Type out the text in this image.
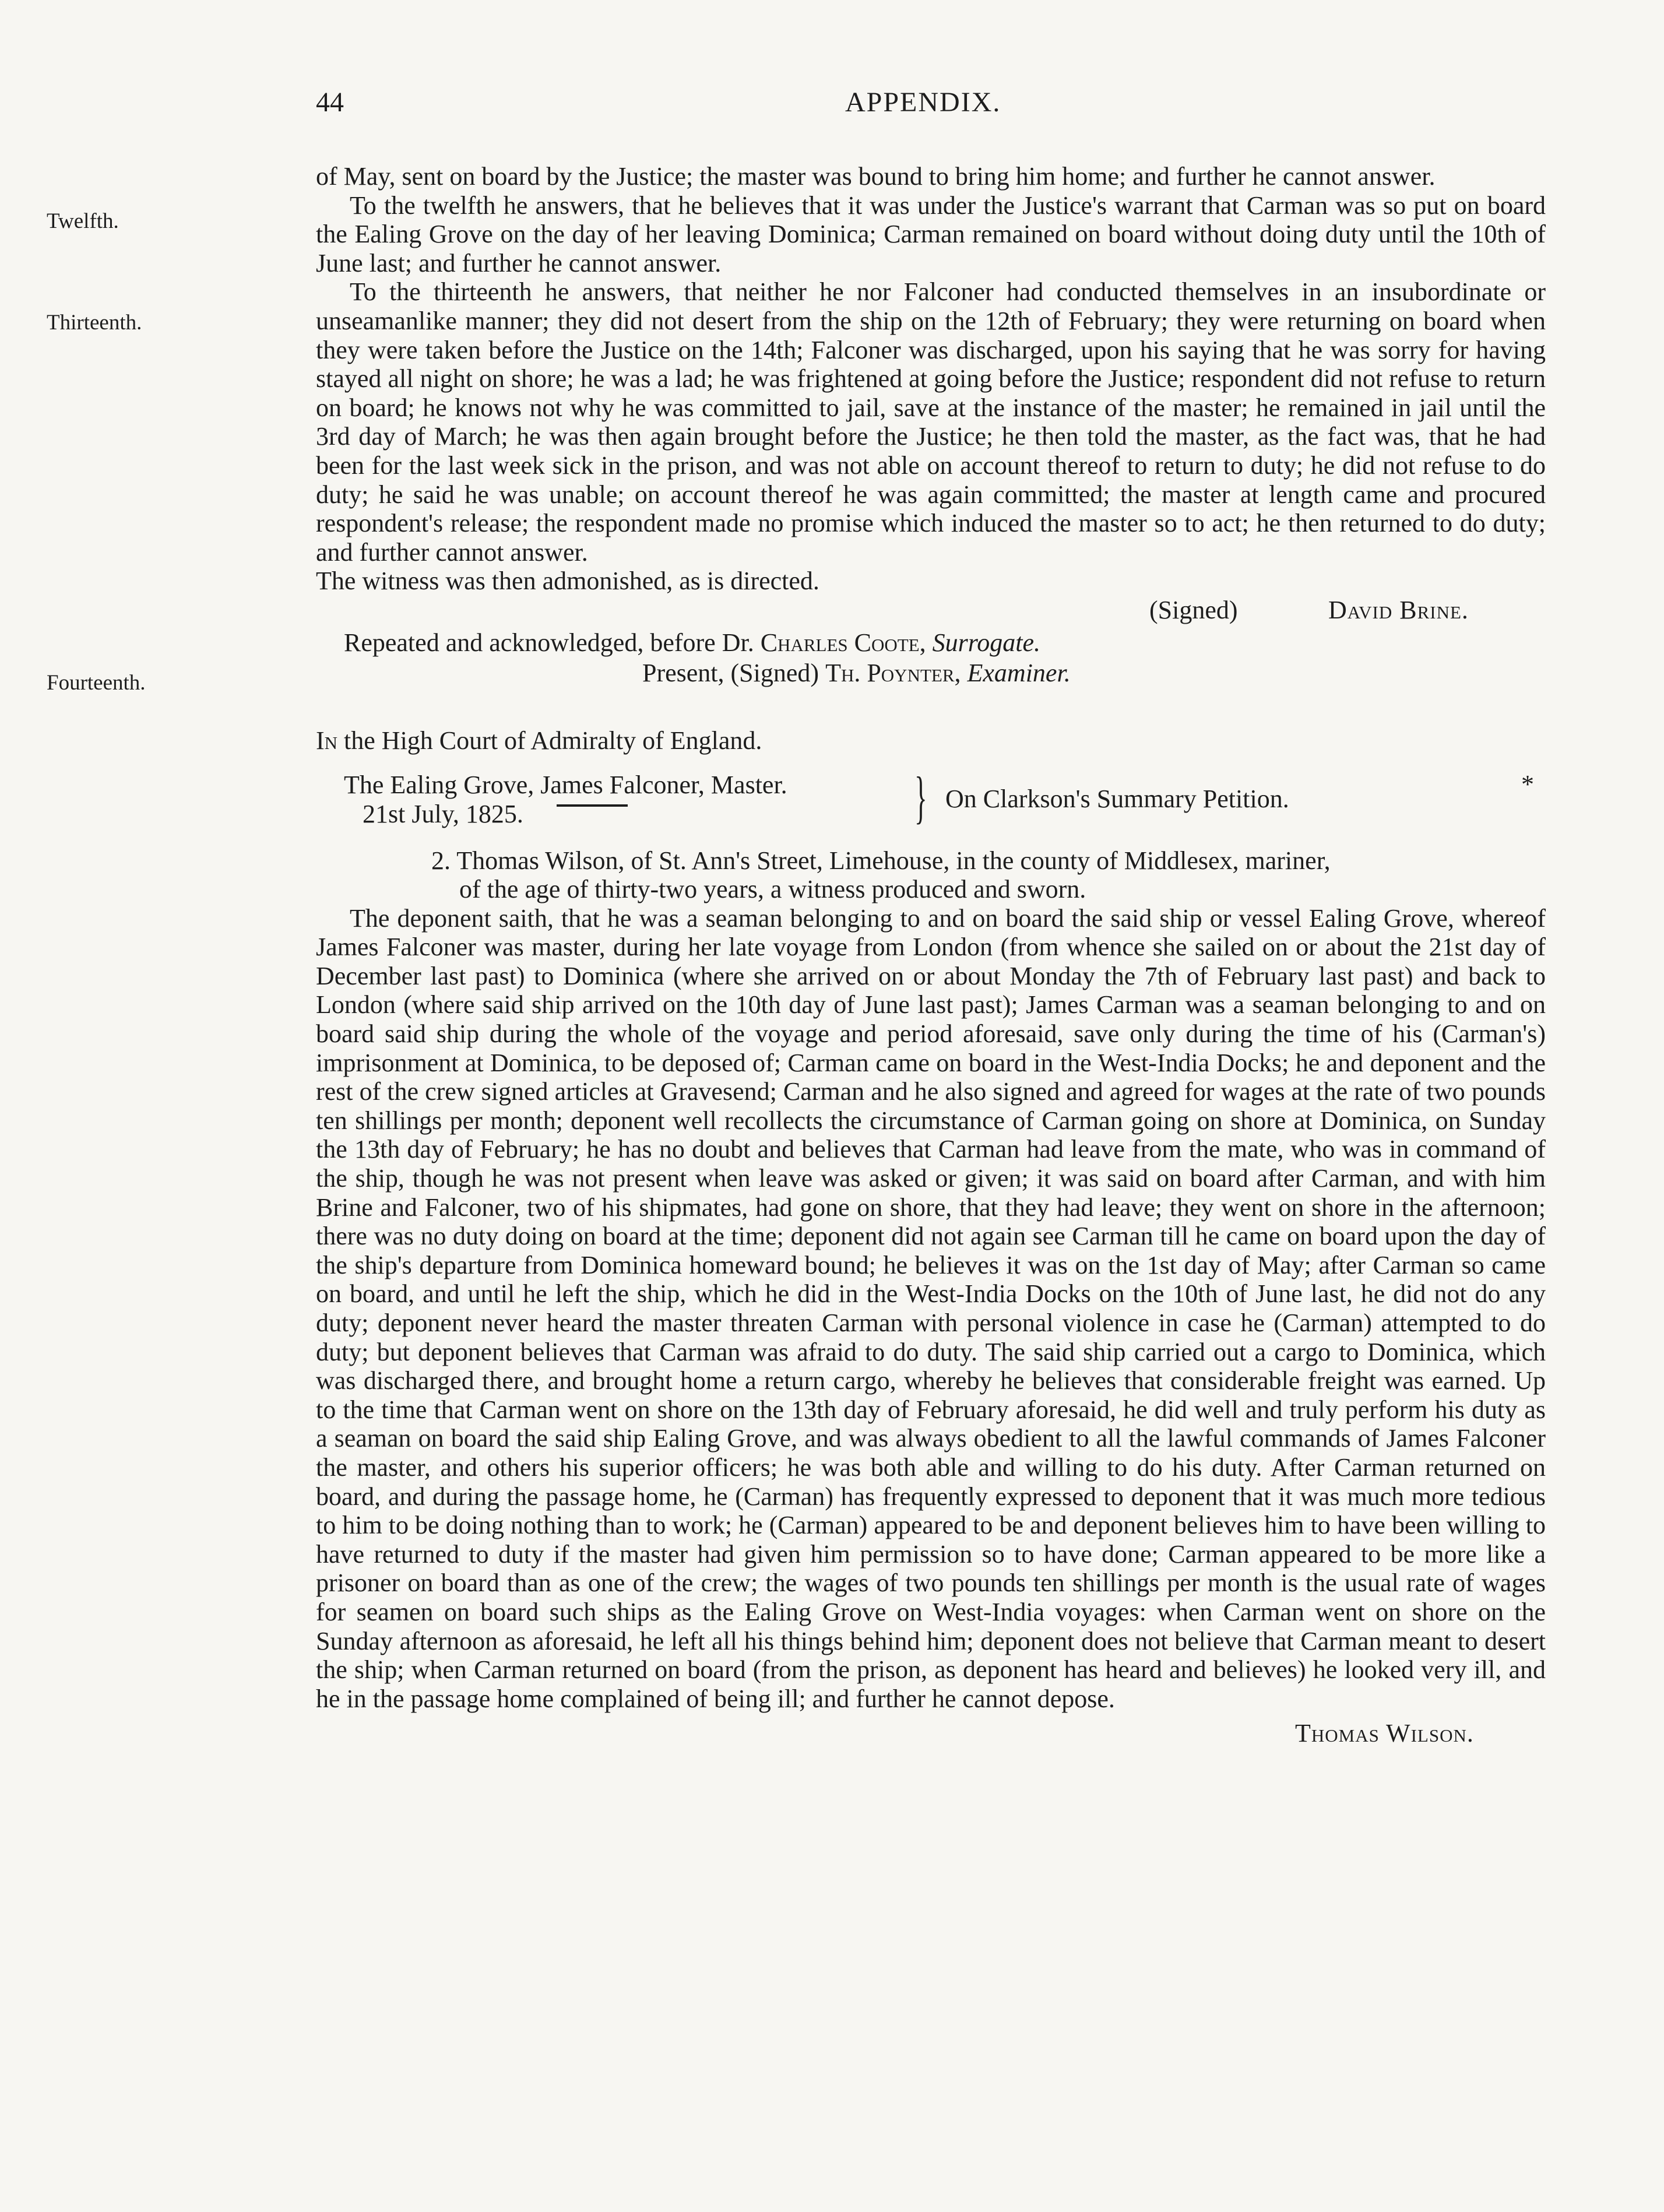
44	APPENDIX.
Twelfth.
Thirteenth.
Fourteenth.
*

of May, sent on board by the Justice; the master was bound to bring him home; and further he cannot answer.

To the twelfth he answers, that he believes that it was under the Justice's warrant that Carman was so put on board the Ealing Grove on the day of her leaving Dominica; Carman remained on board without doing duty until the 10th of June last; and further he cannot answer.

To the thirteenth he answers, that neither he nor Falconer had conducted themselves in an insubordinate or unseamanlike manner; they did not desert from the ship on the 12th of February; they were returning on board when they were taken before the Justice on the 14th; Falconer was discharged, upon his saying that he was sorry for having stayed all night on shore; he was a lad; he was frightened at going before the Justice; respondent did not refuse to return on board; he knows not why he was committed to jail, save at the instance of the master; he remained in jail until the 3rd day of March; he was then again brought before the Justice; he then told the master, as the fact was, that he had been for the last week sick in the prison, and was not able on account thereof to return to duty; he did not refuse to do duty; he said he was unable; on account thereof he was again committed; the master at length came and procured respondent's release; the respondent made no promise which induced the master so to act; he then returned to do duty; and further cannot answer.

The witness was then admonished, as is directed.

(Signed)	David Brine.
Repeated and acknowledged, before Dr. Charles Coote, Surrogate.
Present, (Signed) Th. Poynter, Examiner.
In the High Court of Admiralty of England.
The Ealing Grove, James Falconer, Master.
21st July, 1825.	} On Clarkson's Summary Petition.
2. Thomas Wilson, of St. Ann's Street, Limehouse, in the county of Middlesex, mariner,
of the age of thirty-two years, a witness produced and sworn.

The deponent saith, that he was a seaman belonging to and on board the said ship or vessel Ealing Grove, whereof James Falconer was master, during her late voyage from London (from whence she sailed on or about the 21st day of December last past) to Dominica (where she arrived on or about Monday the 7th of February last past) and back to London (where said ship arrived on the 10th day of June last past); James Carman was a seaman belonging to and on board said ship during the whole of the voyage and period aforesaid, save only during the time of his (Carman's) imprisonment at Dominica, to be deposed of; Carman came on board in the West-India Docks; he and deponent and the rest of the crew signed articles at Gravesend; Carman and he also signed and agreed for wages at the rate of two pounds ten shillings per month; deponent well recollects the circumstance of Carman going on shore at Dominica, on Sunday the 13th day of February; he has no doubt and believes that Carman had leave from the mate, who was in command of the ship, though he was not present when leave was asked or given; it was said on board after Carman, and with him Brine and Falconer, two of his shipmates, had gone on shore, that they had leave; they went on shore in the afternoon; there was no duty doing on board at the time; deponent did not again see Carman till he came on board upon the day of the ship's departure from Dominica homeward bound; he believes it was on the 1st day of May; after Carman so came on board, and until he left the ship, which he did in the West-India Docks on the 10th of June last, he did not do any duty; deponent never heard the master threaten Carman with personal violence in case he (Carman) attempted to do duty; but deponent believes that Carman was afraid to do duty. The said ship carried out a cargo to Dominica, which was discharged there, and brought home a return cargo, whereby he believes that considerable freight was earned. Up to the time that Carman went on shore on the 13th day of February aforesaid, he did well and truly perform his duty as a seaman on board the said ship Ealing Grove, and was always obedient to all the lawful commands of James Falconer the master, and others his superior officers; he was both able and willing to do his duty. After Carman returned on board, and during the passage home, he (Carman) has frequently expressed to deponent that it was much more tedious to him to be doing nothing than to work; he (Carman) appeared to be and deponent believes him to have been willing to have returned to duty if the master had given him permission so to have done; Carman appeared to be more like a prisoner on board than as one of the crew; the wages of two pounds ten shillings per month is the usual rate of wages for seamen on board such ships as the Ealing Grove on West-India voyages: when Carman went on shore on the Sunday afternoon as aforesaid, he left all his things behind him; deponent does not believe that Carman meant to desert the ship; when Carman returned on board (from the prison, as deponent has heard and believes) he looked very ill, and he in the passage home complained of being ill; and further he cannot depose.

Thomas Wilson.
